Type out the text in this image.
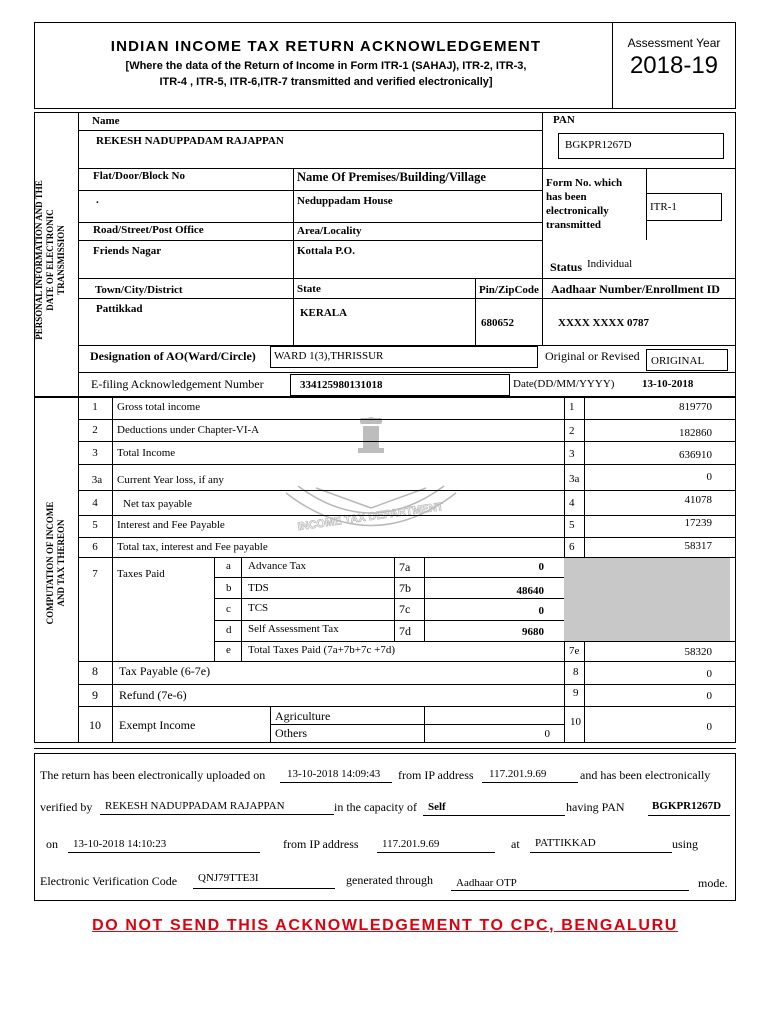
INDIAN INCOME TAX RETURN ACKNOWLEDGEMENT
[Where the data of the Return of Income in Form ITR-1 (SAHAJ), ITR-2, ITR-3,
ITR-4 , ITR-5, ITR-6,ITR-7 transmitted and verified electronically]
Assessment Year
2018-19
PERSONAL INFORMATION AND THE
DATE OF ELECTRONIC
TRANSMISSION
Name
REKESH NADUPPADAM RAJAPPAN
PAN
BGKPR1267D
Flat/Door/Block No
.
Name Of Premises/Building/Village
Neduppadam House
Form No. which
has been
electronically
transmitted
ITR-1
Road/Street/Post Office
Friends Nagar
Area/Locality
Kottala P.O.
Status Individual
Town/City/District
Pattikkad
State
KERALA
Pin/ZipCode
680652
Aadhaar Number/Enrollment ID
XXXX XXXX 0787
Designation of AO(Ward/Circle) WARD 1(3),THRISSUR	Original or Revised ORIGINAL
E-filing Acknowledgement Number	334125980131018	Date(DD/MM/YYYY)	13-10-2018
COMPUTATION OF INCOME
AND TAX THEREON
INCOME TAX DEPARTMENT
1	Gross total income	1	819770
2	Deductions under Chapter-VI-A	2	182860
3	Total Income	3	636910
3a	Current Year loss, if any	3a	0
4	Net tax payable	4	41078
5	Interest and Fee Payable	5	17239
6	Total tax, interest and Fee payable	6	58317
7	Taxes Paid
a Advance Tax	7a	0
b TDS	7b	48640
c TCS	7c	0
d Self Assessment Tax	7d	9680
e Total Taxes Paid (7a+7b+7c +7d)	7e	58320
8	Tax Payable (6-7e)	8	0
9	Refund (7e-6)	9	0
10	Exempt Income
Agriculture
Others	0
10	0
The return has been electronically uploaded on 13-10-2018 14:09:43 from IP address 117.201.9.69	and has been electronically
verified by REKESH NADUPPADAM RAJAPPAN	in the capacity of Self	having PAN BGKPR1267D
on 13-10-2018 14:10:23	from IP address 117.201.9.69	at PATTIKKAD	using
Electronic Verification Code QNJ79TTE3I	generated through Aadhaar OTP	mode.
DO NOT SEND THIS ACKNOWLEDGEMENT TO CPC, BENGALURU
